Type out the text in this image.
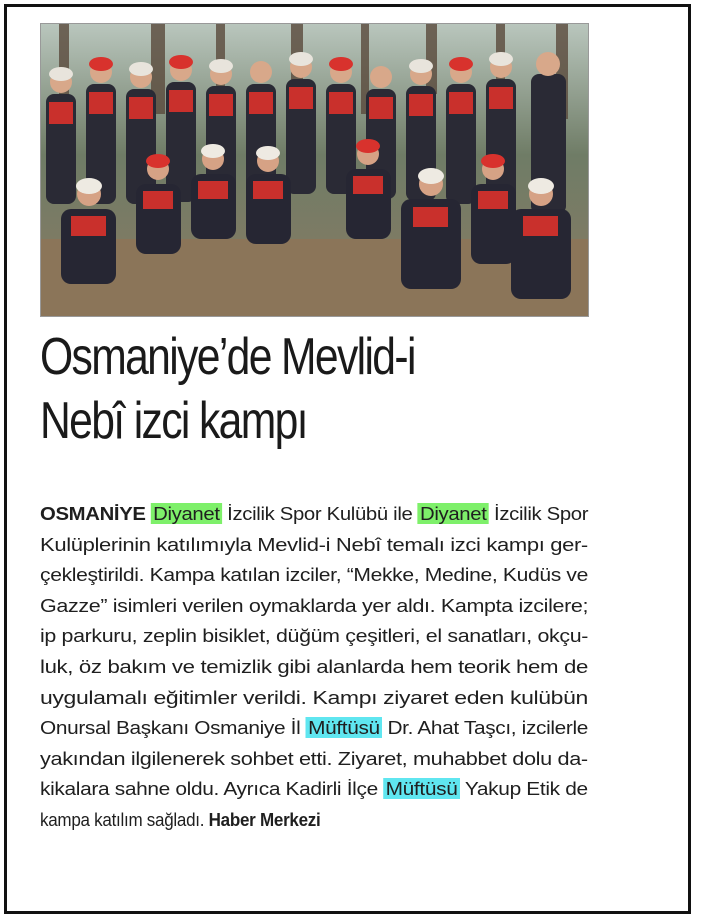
Osmaniye’de Mevlid-i
Nebî izci kampı
OSMANİYE Diyanet İzcilik Spor Kulübü ile Diyanet İzcilik Spor
Kulüplerinin katılımıyla Mevlid-i Nebî temalı izci kampı ger-
çekleştirildi. Kampa katılan izciler, “Mekke, Medine, Kudüs ve
Gazze” isimleri verilen oymaklarda yer aldı. Kampta izcilere;
ip parkuru, zeplin bisiklet, düğüm çeşitleri, el sanatları, okçu-
luk, öz bakım ve temizlik gibi alanlarda hem teorik hem de
uygulamalı eğitimler verildi. Kampı ziyaret eden kulübün
Onursal Başkanı Osmaniye İl Müftüsü Dr. Ahat Taşcı, izcilerle
yakından ilgilenerek sohbet etti. Ziyaret, muhabbet dolu da-
kikalara sahne oldu. Ayrıca Kadirli İlçe Müftüsü Yakup Etik de
kampa katılım sağladı. Haber Merkezi
